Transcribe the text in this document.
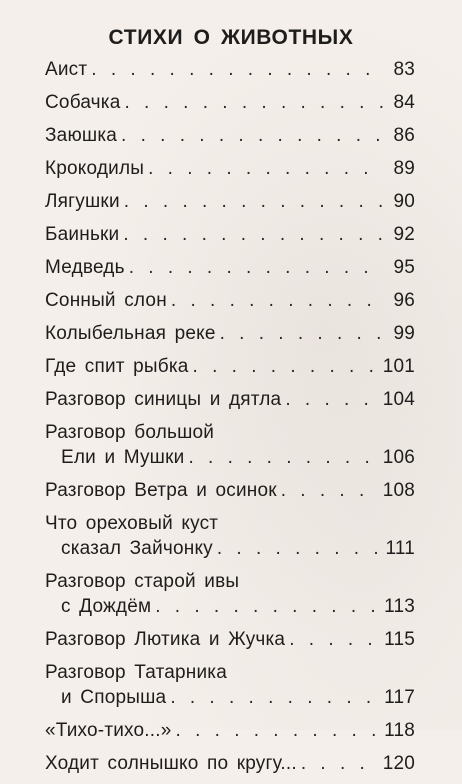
СТИХИ О ЖИВОТНЫХ
Аист . . .	83
Собачка . . .	84
Заюшка . . .	86
Крокодилы . . .	89
Лягушки . . .	90
Баиньки . . .	92
Медведь . . .	95
Сонный слон . . .	96
Колыбельная реке . . .	99
Где спит рыбка . . .	101
Разговор синицы и дятла . . .	104
Разговор большой
Ели и Мушки . . .	106
Разговор Ветра и осинок . . .	108
Что ореховый куст
сказал Зайчонку . . .	111
Разговор старой ивы
с Дождём . . .	113
Разговор Лютика и Жучка . . .	115
Разговор Татарника
и Спорыша . . .	117
«Тихо-тихо...» . . .	118
Ходит солнышко по кругу... . . .	120
